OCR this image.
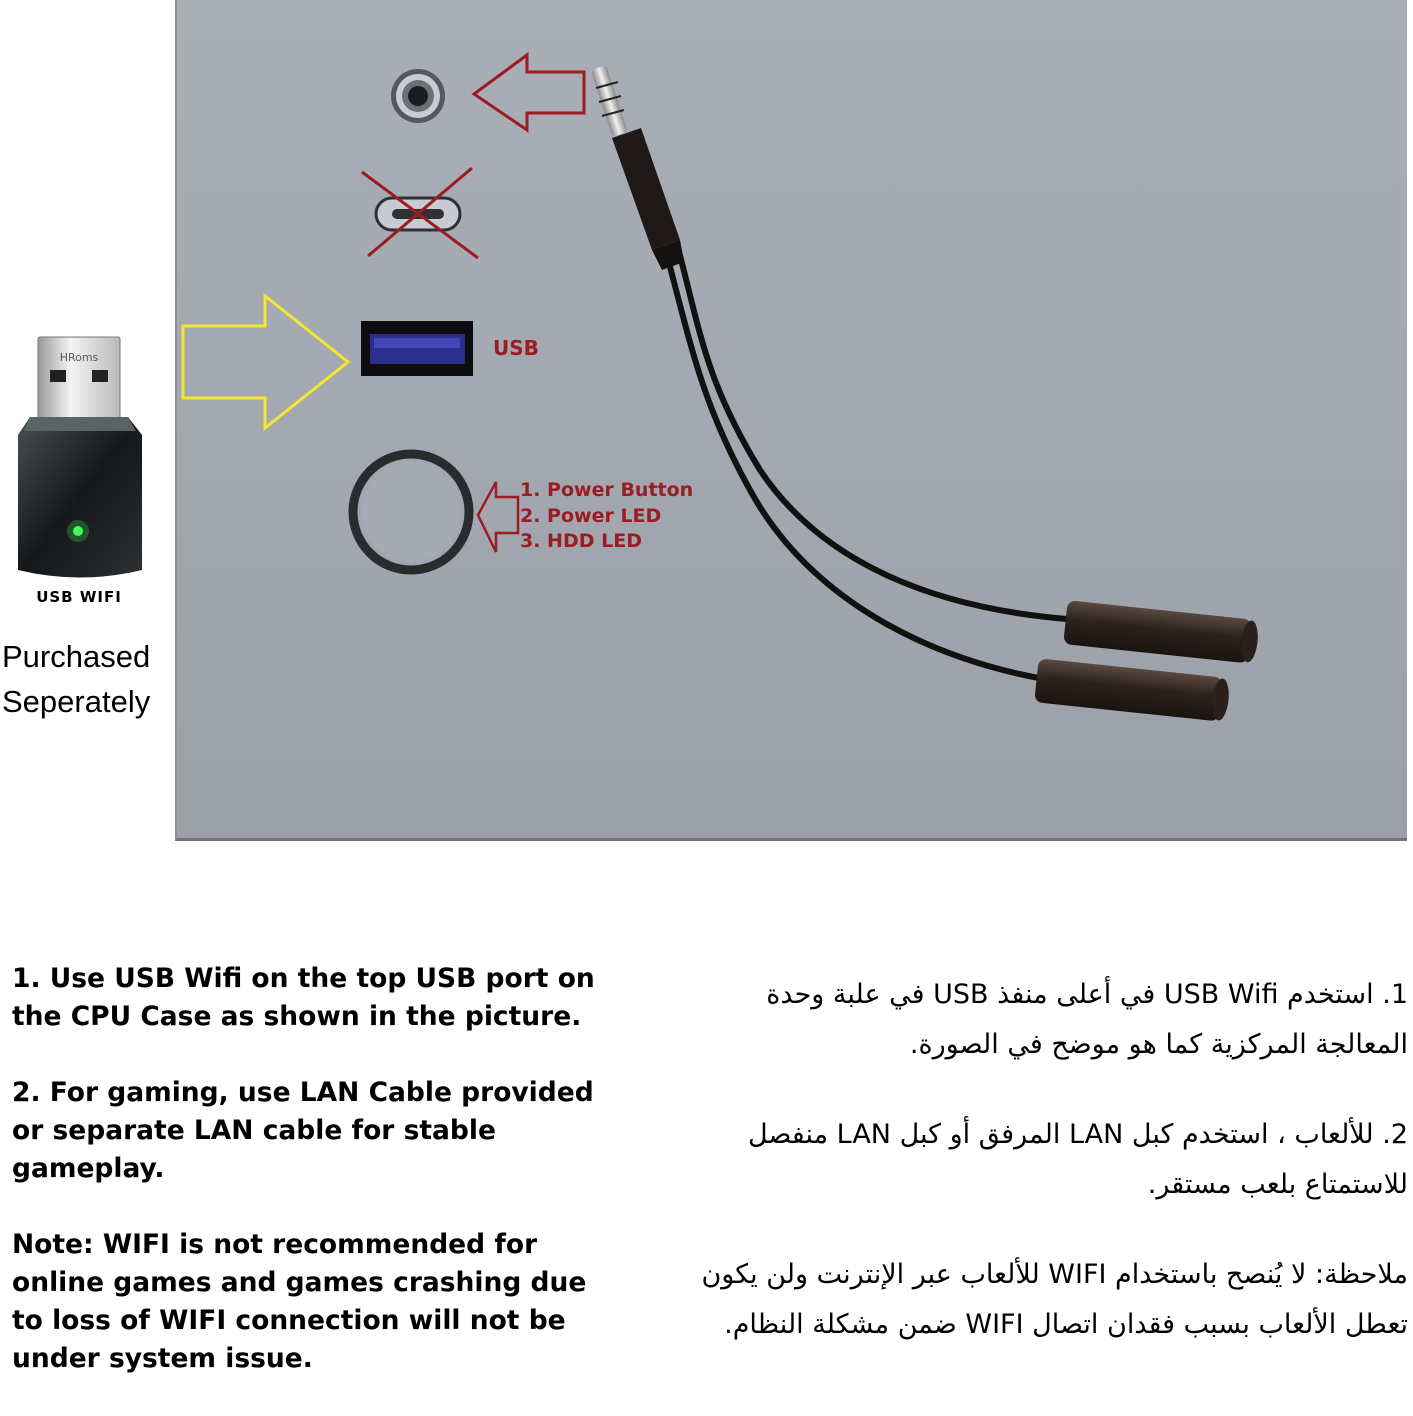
HRoms
USB WIFI
Purchased
Seperately
USB
1. Power Button
2. Power LED
3. HDD LED

1. Use USB Wifi on the top USB port on the CPU Case as shown in the picture.

2. For gaming, use LAN Cable provided or separate LAN cable for stable gameplay.

Note: WIFI is not recommended for online games and games crashing due to loss of WIFI connection will not be under system issue.

1. استخدم USB Wifi في أعلى منفذ USB في علبة وحدة المعالجة المركزية كما هو موضح في الصورة.

2. للألعاب ، استخدم كبل LAN المرفق أو كبل LAN منفصل للاستمتاع بلعب مستقر.

ملاحظة: لا يُنصح باستخدام WIFI للألعاب عبر الإنترنت ولن يكون تعطل الألعاب بسبب فقدان اتصال WIFI ضمن مشكلة النظام.
